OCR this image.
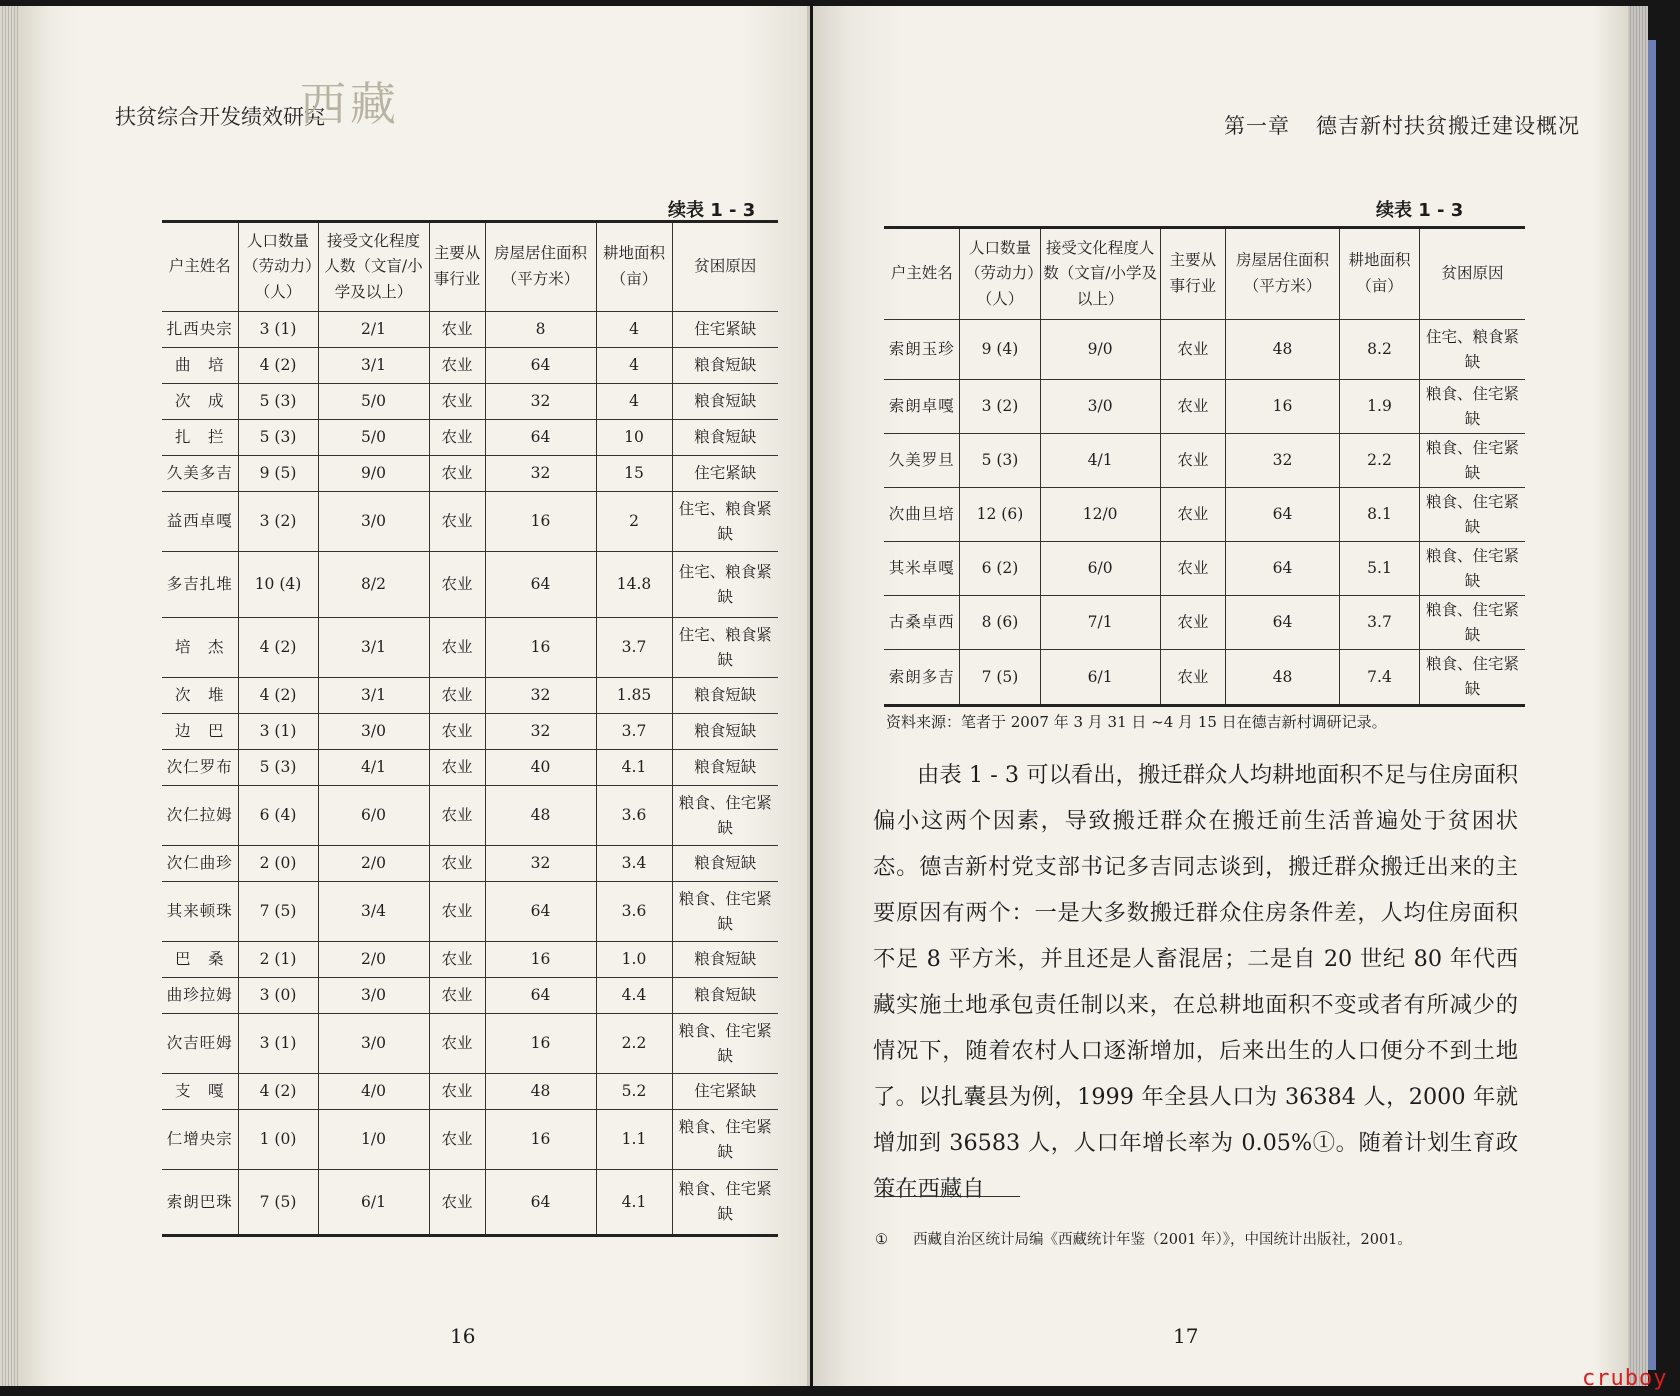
扶贫综合开发绩效研究
西藏
续表 1 - 3
户主姓名	人口数量（劳动力）（人）	接受文化程度人数（文盲/小学及以上）	主要从事行业	房屋居住面积（平方米）	耕地面积（亩）	贫困原因
扎西央宗	3 (1)	2/1	农业	8	4	住宅紧缺
曲　培	4 (2)	3/1	农业	64	4	粮食短缺
次　成	5 (3)	5/0	农业	32	4	粮食短缺
扎　拦	5 (3)	5/0	农业	64	10	粮食短缺
久美多吉	9 (5)	9/0	农业	32	15	住宅紧缺
益西卓嘎	3 (2)	3/0	农业	16	2	住宅、粮食紧缺
多吉扎堆	10 (4)	8/2	农业	64	14.8	住宅、粮食紧缺
培　杰	4 (2)	3/1	农业	16	3.7	住宅、粮食紧缺
次　堆	4 (2)	3/1	农业	32	1.85	粮食短缺
边　巴	3 (1)	3/0	农业	32	3.7	粮食短缺
次仁罗布	5 (3)	4/1	农业	40	4.1	粮食短缺
次仁拉姆	6 (4)	6/0	农业	48	3.6	粮食、住宅紧缺
次仁曲珍	2 (0)	2/0	农业	32	3.4	粮食短缺
其来顿珠	7 (5)	3/4	农业	64	3.6	粮食、住宅紧缺
巴　桑	2 (1)	2/0	农业	16	1.0	粮食短缺
曲珍拉姆	3 (0)	3/0	农业	64	4.4	粮食短缺
次吉旺姆	3 (1)	3/0	农业	16	2.2	粮食、住宅紧缺
支　嘎	4 (2)	4/0	农业	48	5.2	住宅紧缺
仁增央宗	1 (0)	1/0	农业	16	1.1	粮食、住宅紧缺
索朗巴珠	7 (5)	6/1	农业	64	4.1	粮食、住宅紧缺
16
第一章 德吉新村扶贫搬迁建设概况
续表 1 - 3
户主姓名	人口数量（劳动力）（人）	接受文化程度人数（文盲/小学及以上）	主要从事行业	房屋居住面积（平方米）	耕地面积（亩）	贫困原因
索朗玉珍	9 (4)	9/0	农业	48	8.2	住宅、粮食紧缺
索朗卓嘎	3 (2)	3/0	农业	16	1.9	粮食、住宅紧缺
久美罗旦	5 (3)	4/1	农业	32	2.2	粮食、住宅紧缺
次曲旦培	12 (6)	12/0	农业	64	8.1	粮食、住宅紧缺
其米卓嘎	6 (2)	6/0	农业	64	5.1	粮食、住宅紧缺
古桑卓西	8 (6)	7/1	农业	64	3.7	粮食、住宅紧缺
索朗多吉	7 (5)	6/1	农业	48	7.4	粮食、住宅紧缺
资料来源：笔者于 2007 年 3 月 31 日 ~4 月 15 日在德吉新村调研记录。

由表 1 - 3 可以看出，搬迁群众人均耕地面积不足与住房面积偏小这两个因素，导致搬迁群众在搬迁前生活普遍处于贫困状态。德吉新村党支部书记多吉同志谈到，搬迁群众搬迁出来的主要原因有两个：一是大多数搬迁群众住房条件差，人均住房面积不足 8 平方米，并且还是人畜混居；二是自 20 世纪 80 年代西藏实施土地承包责任制以来，在总耕地面积不变或者有所减少的情况下，随着农村人口逐渐增加，后来出生的人口便分不到土地了。以扎囊县为例，1999 年全县人口为 36384 人，2000 年就增加到 36583 人，人口年增长率为 0.05%①。随着计划生育政策在西藏自

① 西藏自治区统计局编《西藏统计年鉴（2001 年）》，中国统计出版社，2001。
17
cruboy
